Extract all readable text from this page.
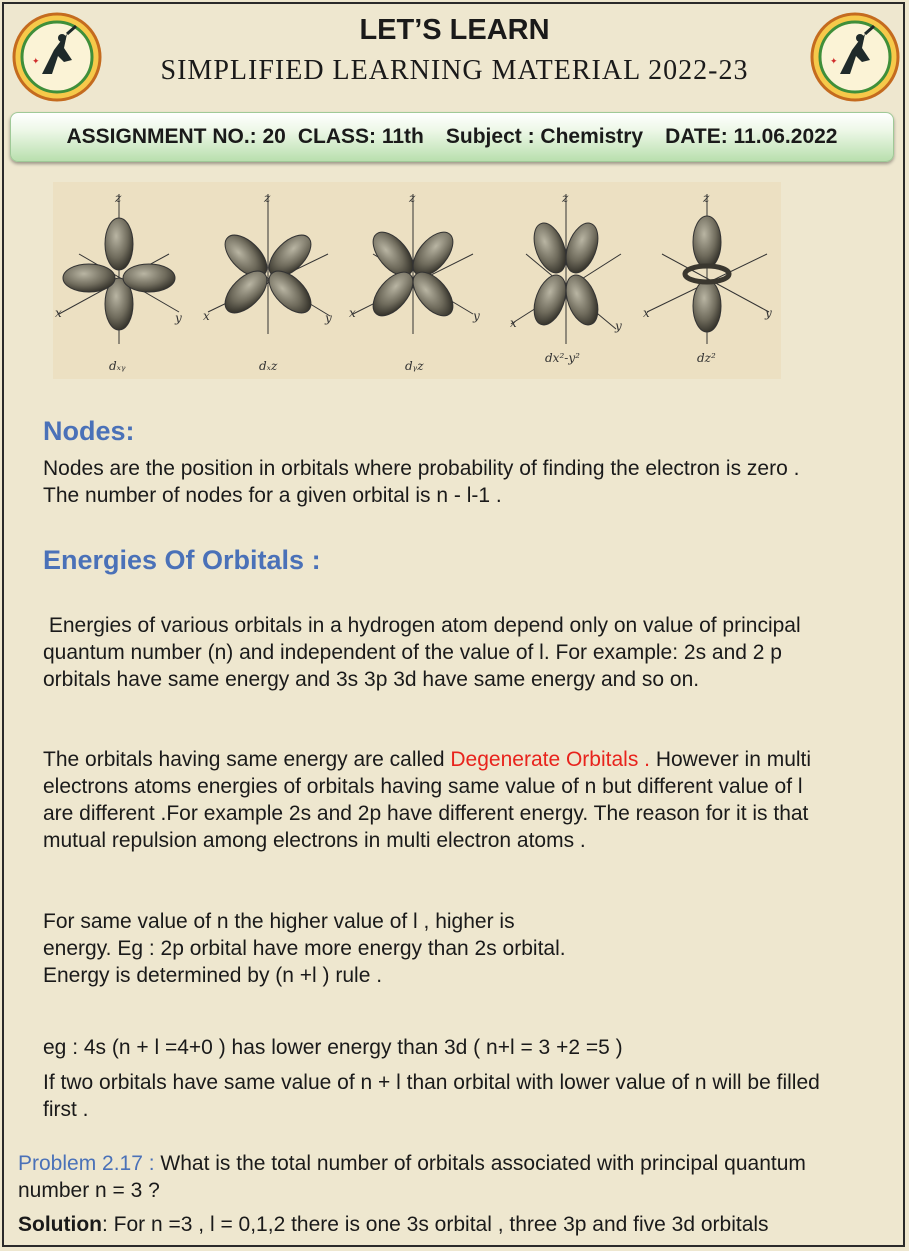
✦	✦
LET’S LEARN
SIMPLIFIED LEARNING MATERIAL 2022-23
ASSIGNMENT NO.: 20 CLASS: 11th Subject : Chemistry DATE: 11.06.2022
z
x	y
z
x	y
z
x	y
z
x	y
z
x	y
dₓᵧ	dₓz	dᵧz
dx²-y²	dz²
Nodes:
Nodes are the position in orbitals where probability of finding the electron is zero . The number of nodes for a given orbital is n - l-1 .
Energies Of Orbitals :
Energies of various orbitals in a hydrogen atom depend only on value of principal quantum number (n) and independent of the value of l. For example: 2s and 2 p orbitals have same energy and 3s 3p 3d have same energy and so on.
The orbitals having same energy are called Degenerate Orbitals . However in multi electrons atoms energies of orbitals having same value of n but different value of l are different .For example 2s and 2p have different energy. The reason for it is that mutual repulsion among electrons in multi electron atoms .
For same value of n the higher value of l , higher is
energy. Eg : 2p orbital have more energy than 2s orbital.
Energy is determined by (n +l ) rule .
eg : 4s (n + l =4+0 ) has lower energy than 3d ( n+l = 3 +2 =5 )
If two orbitals have same value of n + l than orbital with lower value of n will be filled first .
Problem 2.17 : What is the total number of orbitals associated with principal quantum number n = 3 ?
Solution: For n =3 , l = 0,1,2 there is one 3s orbital , three 3p and five 3d orbitals
